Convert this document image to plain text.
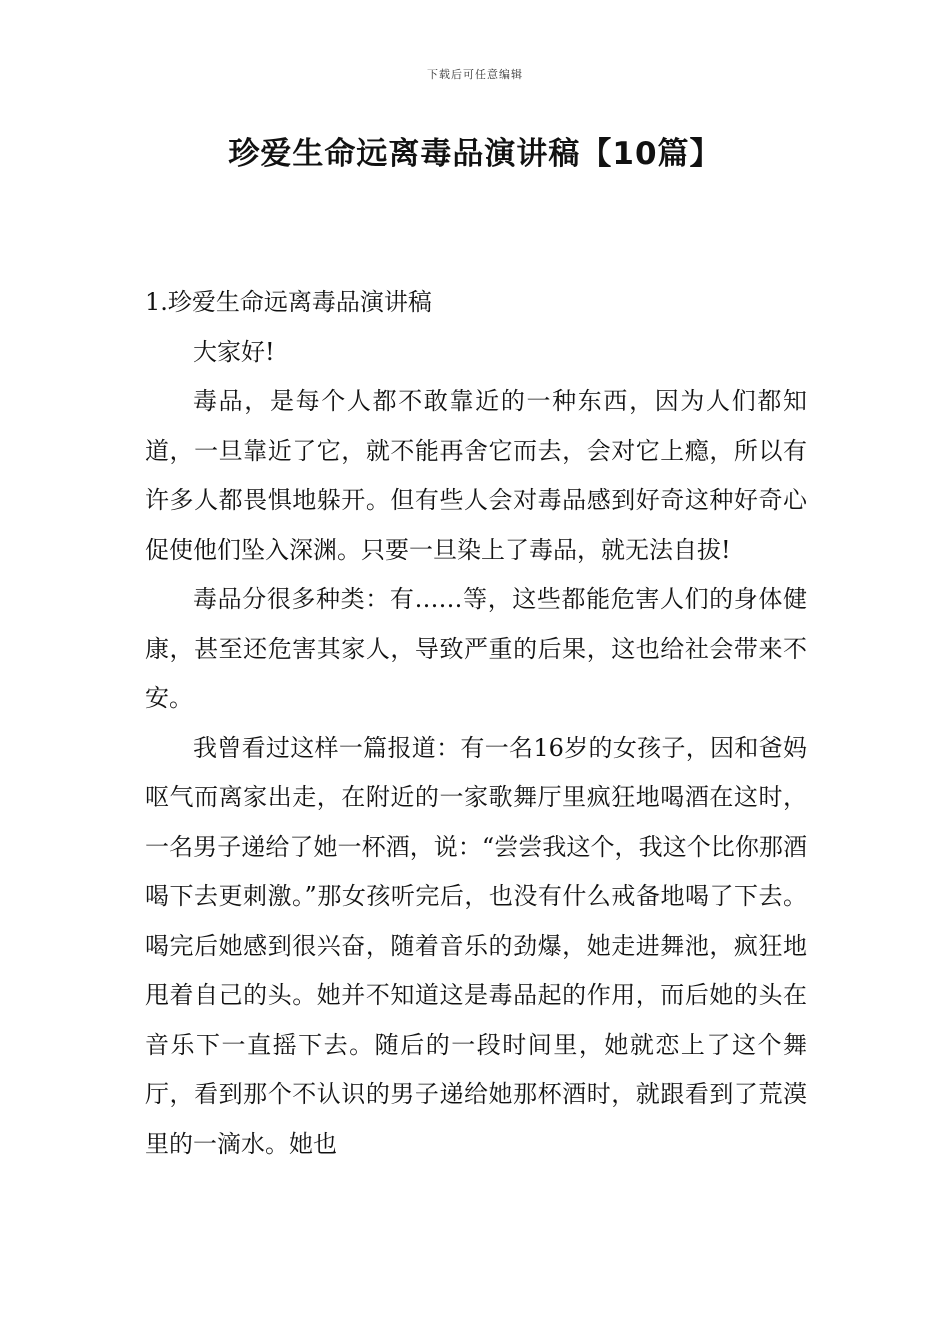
下载后可任意编辑
珍爱生命远离毒品演讲稿【10篇】
1.珍爱生命远离毒品演讲稿

大家好!

毒品，是每个人都不敢靠近的一种东西，因为人们都知道，一旦靠近了它，就不能再舍它而去，会对它上瘾，所以有许多人都畏惧地躲开。但有些人会对毒品感到好奇这种好奇心促使他们坠入深渊。只要一旦染上了毒品，就无法自拔!

毒品分很多种类：有……等，这些都能危害人们的身体健康，甚至还危害其家人，导致严重的后果，这也给社会带来不安。

我曾看过这样一篇报道：有一名16岁的女孩子，因和爸妈呕气而离家出走，在附近的一家歌舞厅里疯狂地喝酒在这时，一名男子递给了她一杯酒，说：“尝尝我这个，我这个比你那酒喝下去更刺激。”那女孩听完后，也没有什么戒备地喝了下去。喝完后她感到很兴奋，随着音乐的劲爆，她走进舞池，疯狂地甩着自己的头。她并不知道这是毒品起的作用，而后她的头在音乐下一直摇下去。随后的一段时间里，她就恋上了这个舞厅，看到那个不认识的男子递给她那杯酒时，就跟看到了荒漠里的一滴水。她也
